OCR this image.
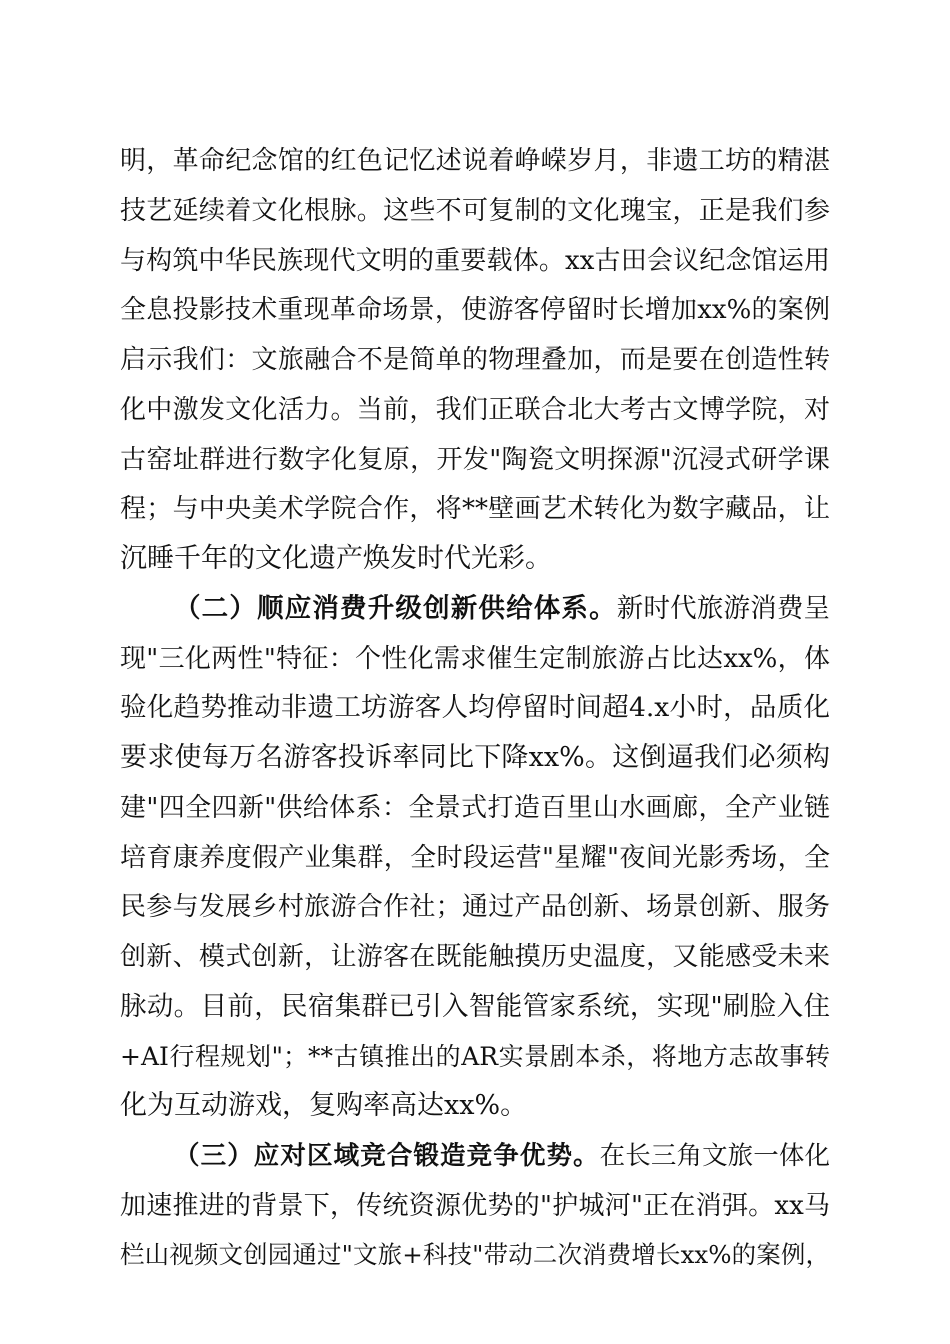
明，革命纪念馆的红色记忆述说着峥嵘岁月，非遗工坊的精湛
技艺延续着文化根脉。这些不可复制的文化瑰宝，正是我们参
与构筑中华民族现代文明的重要载体。xx古田会议纪念馆运用
全息投影技术重现革命场景，使游客停留时长增加xx%的案例
启示我们：文旅融合不是简单的物理叠加，而是要在创造性转
化中激发文化活力。当前，我们正联合北大考古文博学院，对
古窑址群进行数字化复原，开发"陶瓷文明探源"沉浸式研学课
程；与中央美术学院合作，将**壁画艺术转化为数字藏品，让
沉睡千年的文化遗产焕发时代光彩。
（二）顺应消费升级创新供给体系。新时代旅游消费呈
现"三化两性"特征：个性化需求催生定制旅游占比达xx%，体
验化趋势推动非遗工坊游客人均停留时间超4.x小时，品质化
要求使每万名游客投诉率同比下降xx%。这倒逼我们必须构
建"四全四新"供给体系：全景式打造百里山水画廊，全产业链
培育康养度假产业集群，全时段运营"星耀"夜间光影秀场，全
民参与发展乡村旅游合作社；通过产品创新、场景创新、服务
创新、模式创新，让游客在既能触摸历史温度，又能感受未来
脉动。目前，民宿集群已引入智能管家系统，实现"刷脸入住
+AI行程规划"；**古镇推出的AR实景剧本杀，将地方志故事转
化为互动游戏，复购率高达xx%。
（三）应对区域竞合锻造竞争优势。在长三角文旅一体化
加速推进的背景下，传统资源优势的"护城河"正在消弭。xx马
栏山视频文创园通过"文旅+科技"带动二次消费增长xx%的案例，
